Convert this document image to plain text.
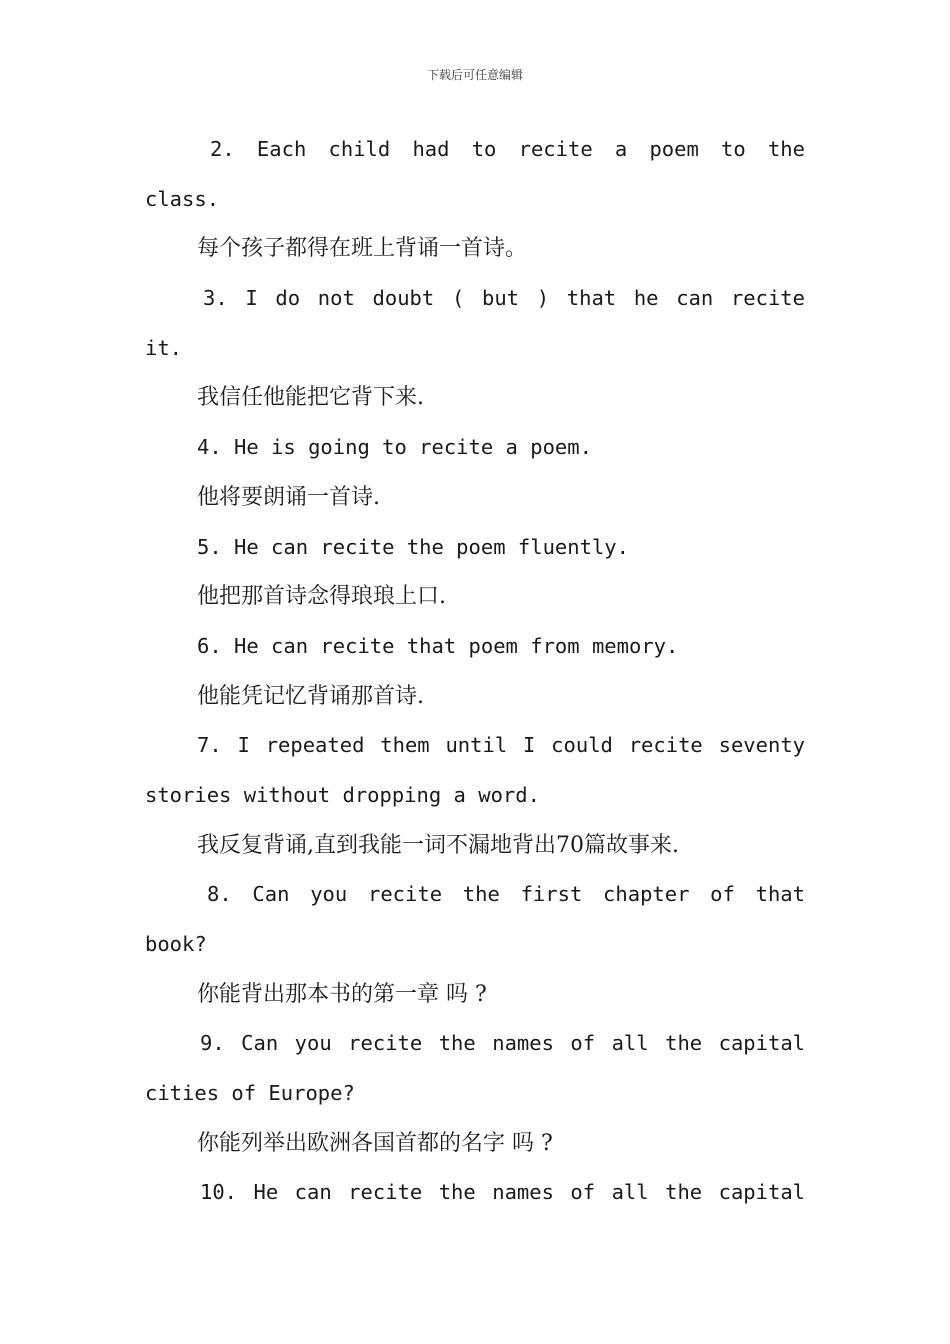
下载后可任意编辑
2. Each child had to recite a poem to the
class.
每个孩子都得在班上背诵一首诗。
3. I do not doubt ( but ) that he can recite
it.
我信任他能把它背下来.
4. He is going to recite a poem.
他将要朗诵一首诗.
5. He can recite the poem fluently.
他把那首诗念得琅琅上口.
6. He can recite that poem from memory.
他能凭记忆背诵那首诗.
7. I repeated them until I could recite seventy
stories without dropping a word.
我反复背诵,直到我能一词不漏地背出70篇故事来.
8. Can you recite the first chapter of that
book?
你能背出那本书的第一章 吗 ?
9. Can you recite the names of all the capital
cities of Europe?
你能列举出欧洲各国首都的名字 吗 ?
10. He can recite the names of all the capital
